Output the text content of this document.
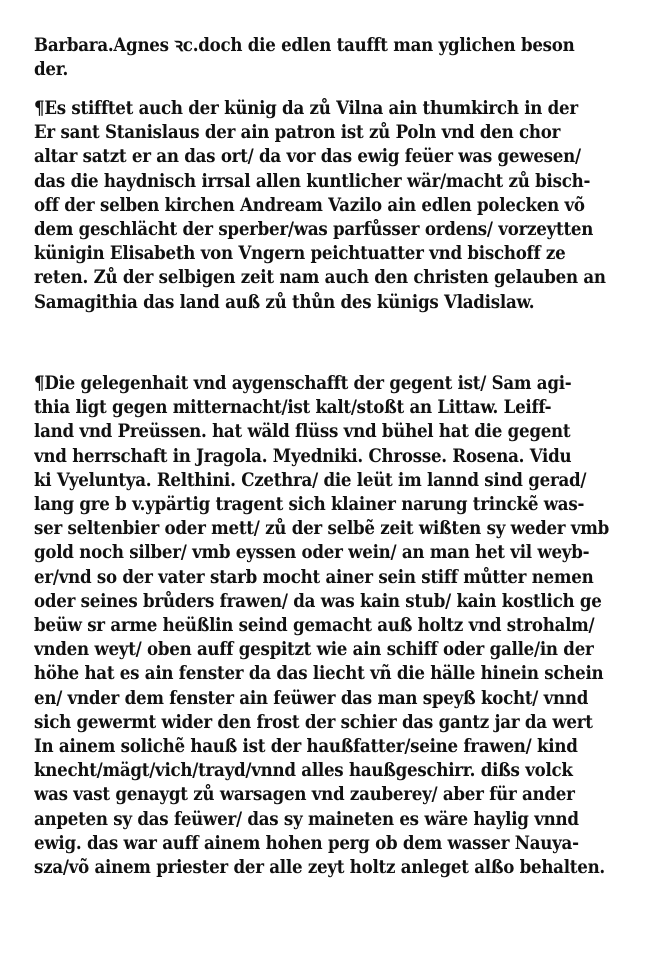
Barbara.Agnes ꝛc.doch die edlen taufft man yglichen beson
der.
¶Es stifftet auch der künig da zů Vilna ain thumkirch in der
Er sant Stanislaus der ain patron ist zů Poln vnd den chor
altar satzt er an das ort/ da vor das ewig feüer was gewesen/
das die haydnisch irrsal allen kuntlicher wär/macht zů bisch-
off der selben kirchen Andream Vazilo ain edlen polecken võ
dem geschlächt der sperber/was parfůsser ordens/ vorzeytten
künigin Elisabeth von Vngern peichtuatter vnd bischoff ze
reten. Zů der selbigen zeit nam auch den christen gelauben an
Samagithia das land auß zů thůn des künigs Vladislaw.
¶Die gelegenhait vnd aygenschafft der gegent ist/ Sam agi-
thia ligt gegen mitternacht/ist kalt/stoßt an Littaw. Leiff-
land vnd Preüssen. hat wäld flüss vnd bühel hat die gegent
vnd herrschaft in Jragola. Myedniki. Chrosse. Rosena. Vidu
ki Vyeluntya. Relthini. Czethra/ die leüt im lannd sind gerad/
lang gre b v.ypärtig tragent sich klainer narung trinckẽ was-
ser seltenbier oder mett/ zů der selbẽ zeit wißten sy weder vmb
gold noch silber/ vmb eyssen oder wein/ an man het vil weyb-
er/vnd so der vater starb mocht ainer sein stiff můtter nemen
oder seines brůders frawen/ da was kain stub/ kain kostlich ge
beüw sr arme heüßlin seind gemacht auß holtz vnd strohalm/
vnden weyt/ oben auff gespitzt wie ain schiff oder galle/in der
höhe hat es ain fenster da das liecht vñ die hälle hinein schein
en/ vnder dem fenster ain feüwer das man speyß kocht/ vnnd
sich gewermt wider den frost der schier das gantz jar da wert
In ainem solichẽ hauß ist der haußfatter/seine frawen/ kind
knecht/mägt/vich/trayd/vnnd alles haußgeschirr. dißs volck
was vast genaygt zů warsagen vnd zauberey/ aber für ander
anpeten sy das feüwer/ das sy maineten es wäre haylig vnnd
ewig. das war auff ainem hohen perg ob dem wasser Nauya-
sza/võ ainem priester der alle zeyt holtz anleget alßo behalten.
